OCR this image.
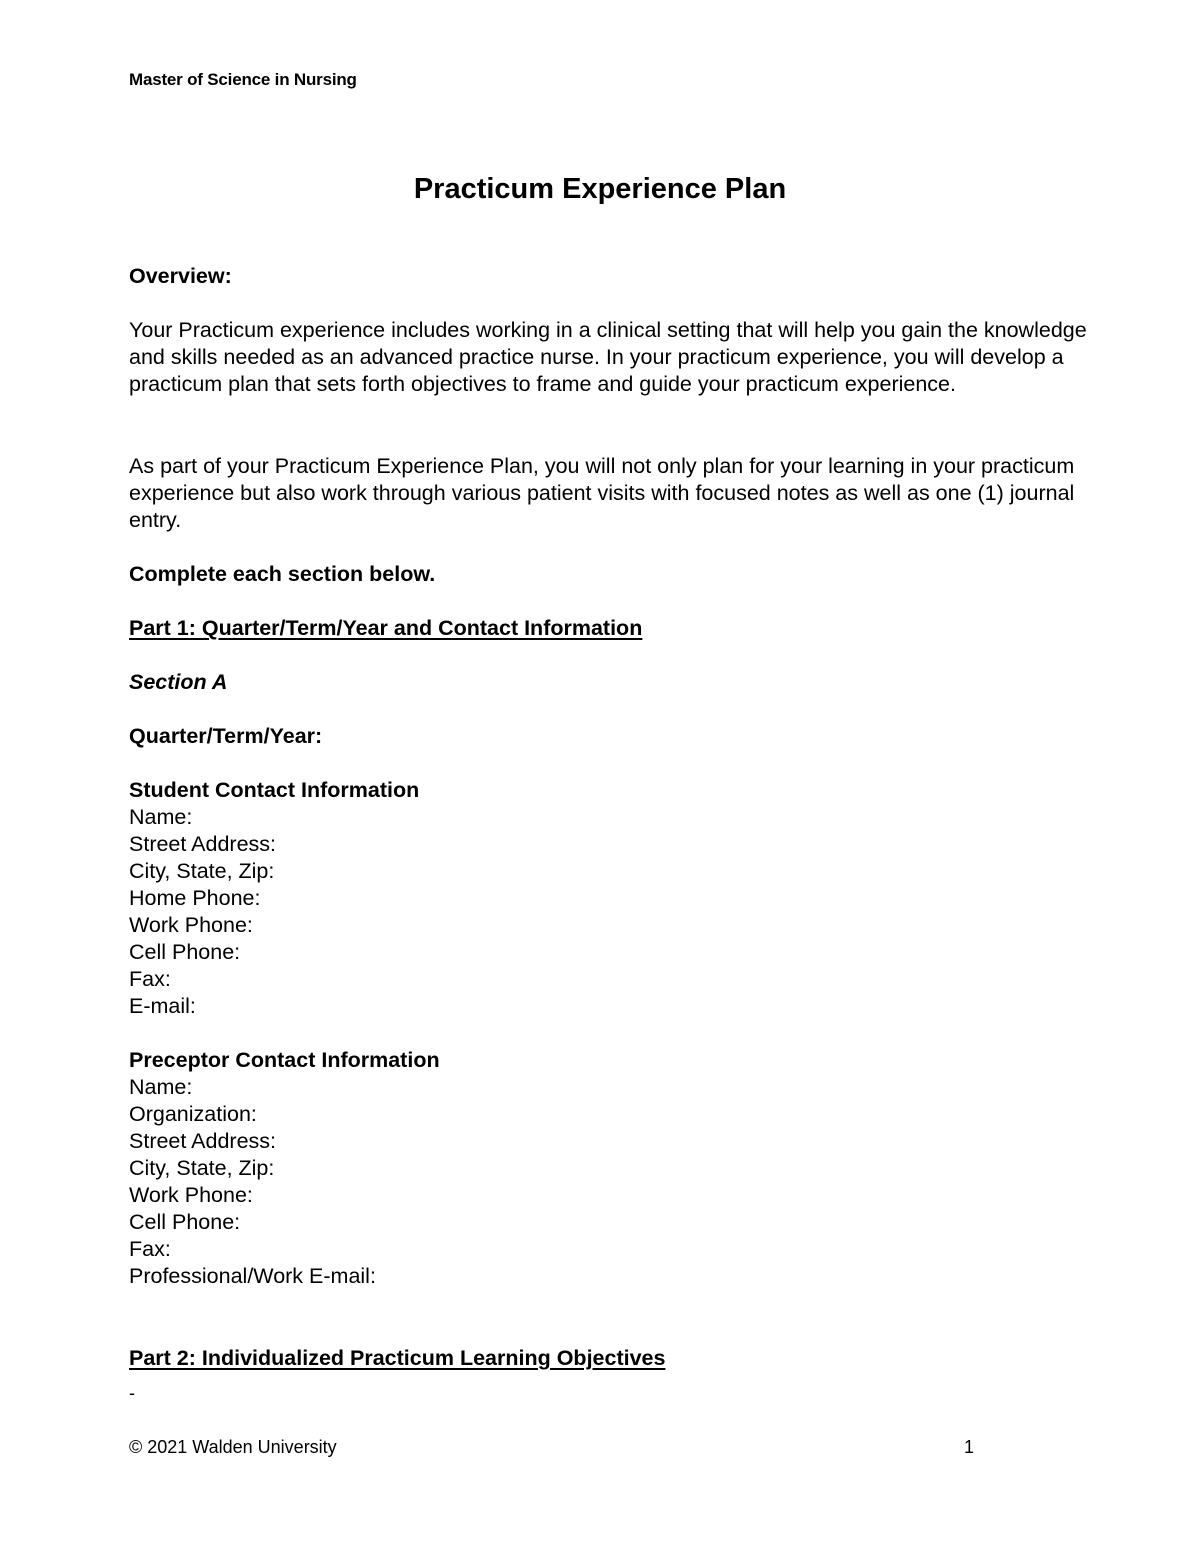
Master of Science in Nursing
Practicum Experience Plan
Overview:

Your Practicum experience includes working in a clinical setting that will help you gain the knowledge and skills needed as an advanced practice nurse. In your practicum experience, you will develop a practicum plan that sets forth objectives to frame and guide your practicum experience.

As part of your Practicum Experience Plan, you will not only plan for your learning in your practicum experience but also work through various patient visits with focused notes as well as one (1) journal entry.

Complete each section below.
Part 1: Quarter/Term/Year and Contact Information
Section A
Quarter/Term/Year:
Student Contact Information
Name:
Street Address:
City, State, Zip:
Home Phone:
Work Phone:
Cell Phone:
Fax:
E-mail:
Preceptor Contact Information
Name:
Organization:
Street Address:
City, State, Zip:
Work Phone:
Cell Phone:
Fax:
Professional/Work E-mail:
Part 2: Individualized Practicum Learning Objectives
-
© 2021 Walden University	1
